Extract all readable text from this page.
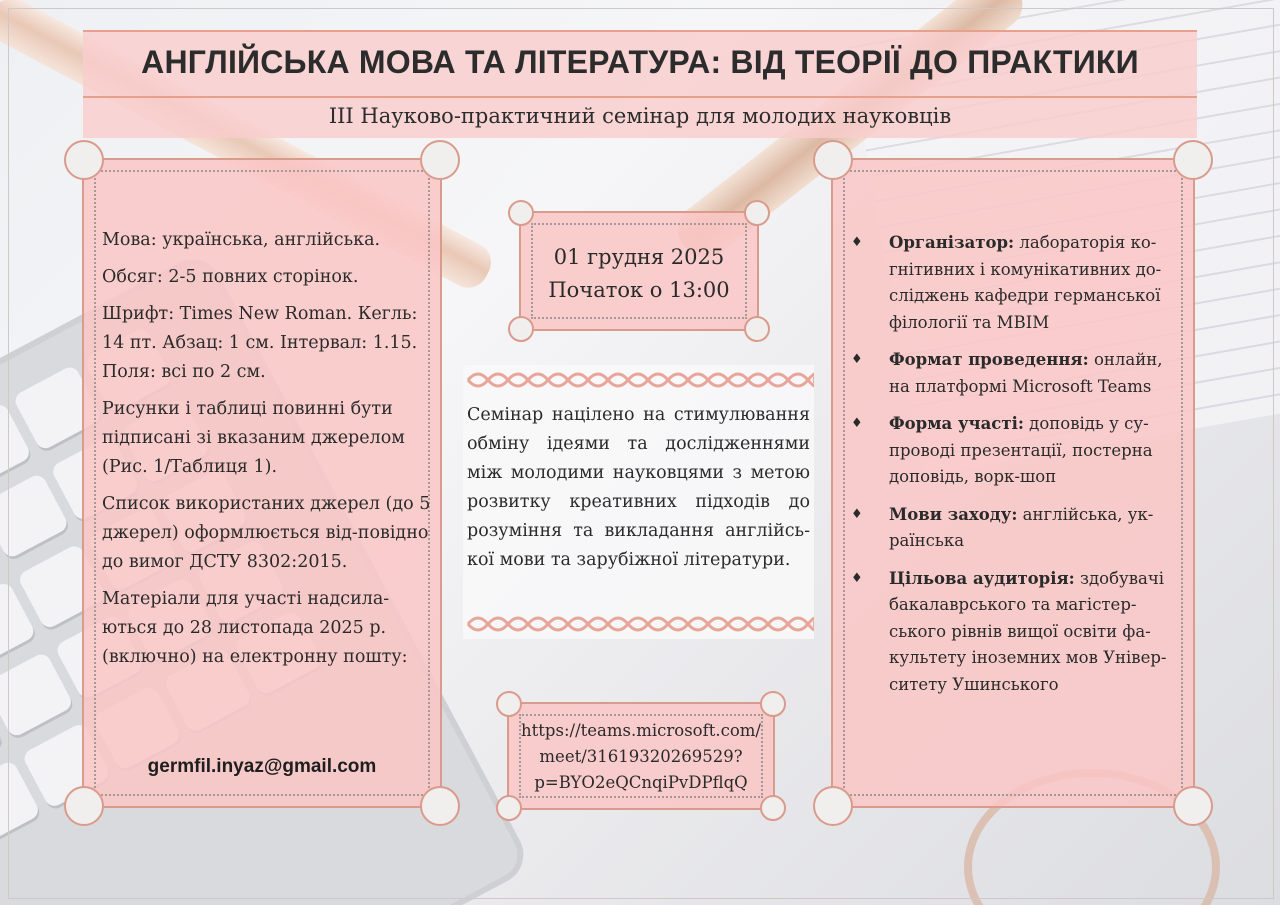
АНГЛІЙСЬКА МОВА ТА ЛІТЕРАТУРА: ВІД ТЕОРІЇ ДО ПРАКТИКИ
ІІІ Науково-практичний семінар для молодих науковців

Мова: українська, англійська.

Обсяг: 2-5 повних сторінок.

Шрифт: Times New Roman. Кегль: 14 пт. Абзац: 1 см. Інтервал: 1.15. Поля: всі по 2 см.

Рисунки і таблиці повинні бути підписані зі вказаним джерелом (Рис. 1/Таблиця 1).

Список використаних джерел (до 5 джерел) оформлюється від-повідно до вимог ДСТУ 8302:2015.

Матеріали для участі надсила-ються до 28 листопада 2025 р. (включно) на електронну пошту:

germfil.inyaz@gmail.com
01 грудня 2025
Початок о 13:00
Семінар націлено на стимулювання обміну ідеями та дослідженнями між молодими науковцями з метою розвитку креативних підходів до розуміння та викладання англійсь-кої мови та зарубіжної літератури.
https://teams.microsoft.com/ meet/31619320269529? p=BYO2eQCnqiPvDPflqQ
♦ Організатор: лабораторія ко-гнітивних і комунікативних до-сліджень кафедри германської філології та МВІМ
♦ Формат проведення: онлайн, на платформі Microsoft Teams
♦ Форма участі: доповідь у су-проводі презентації, постерна доповідь, ворк-шоп
♦ Мови заходу: англійська, ук-раїнська
♦ Цільова аудиторія: здобувачі бакалаврського та магістер-ського рівнів вищої освіти фа-культету іноземних мов Універ-ситету Ушинського
